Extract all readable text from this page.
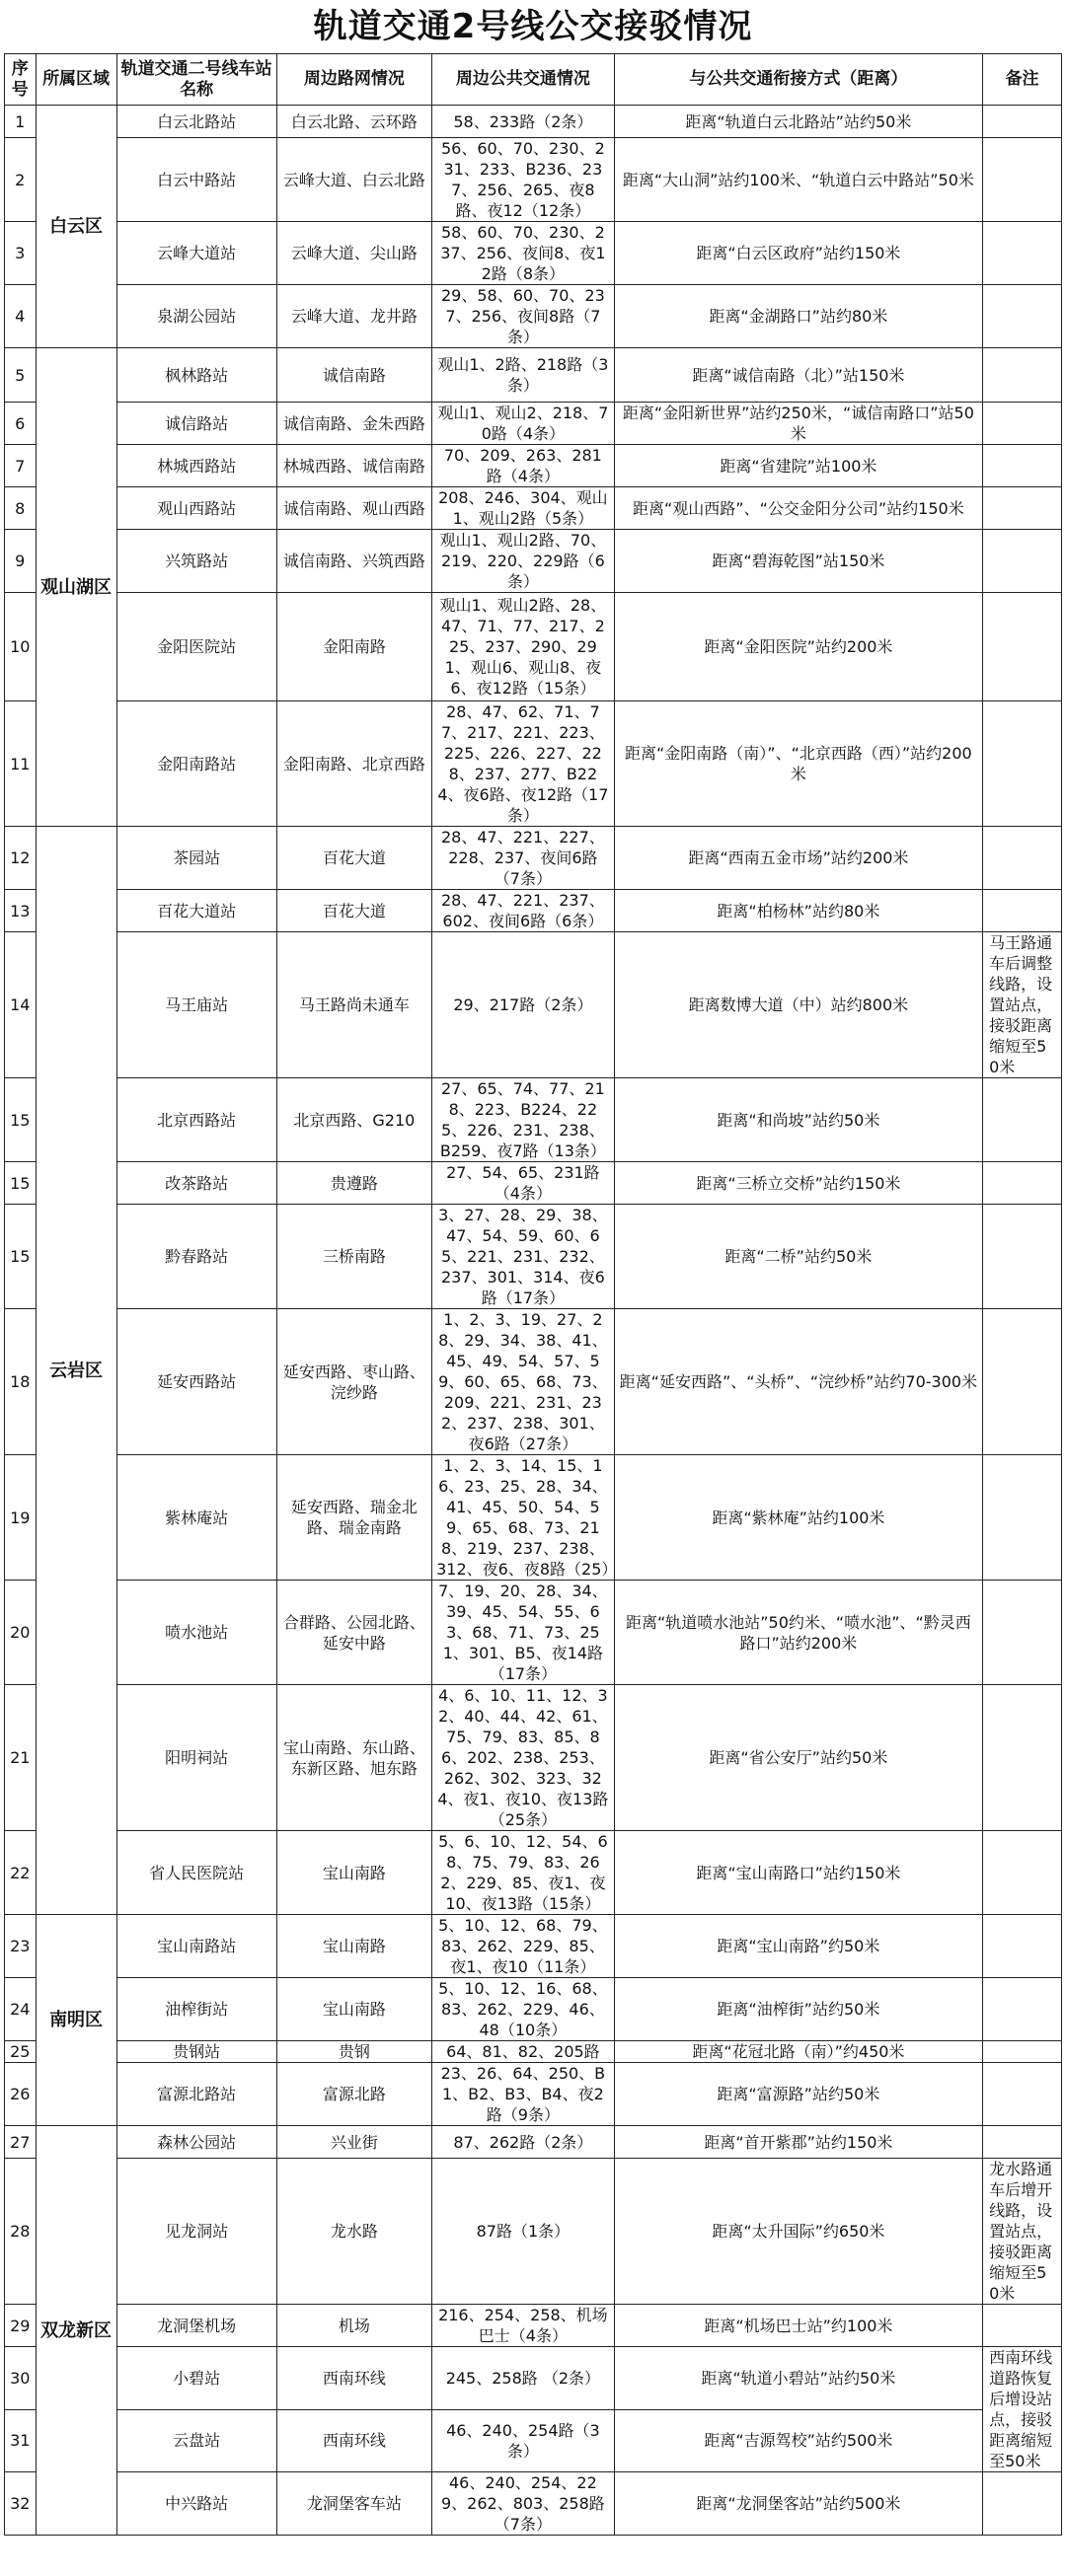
轨道交通2号线公交接驳情况
序号	所属区域	轨道交通二号线车站名称	周边路网情况	周边公共交通情况	与公共交通衔接方式（距离）	备注
1	白云区	白云北路站	白云北路、云环路	58、233路（2条）	距离“轨道白云北路站”站约50米	
2		白云中路站	云峰大道、白云北路	56、60、70、230、231、233、B236、237、256、265、夜8路、夜12（12条）	距离“大山洞”站约100米、“轨道白云中路站”50米	
3		云峰大道站	云峰大道、尖山路	58、60、70、230、237、256、夜间8、夜12路（8条）	距离“白云区政府”站约150米	
4		泉湖公园站	云峰大道、龙井路	29、58、60、70、237、256、夜间8路（7条）	距离“金湖路口”站约80米	
5	观山湖区	枫林路站	诚信南路	观山1、2路、218路（3条）	距离“诚信南路（北）”站150米	
6		诚信路站	诚信南路、金朱西路	观山1、观山2、218、70路（4条）	距离“金阳新世界”站约250米，“诚信南路口”站50米	
7		林城西路站	林城西路、诚信南路	70、209、263、281路（4条）	距离“省建院”站100米	
8		观山西路站	诚信南路、观山西路	208、246、304、观山1、观山2路（5条）	距离“观山西路”、“公交金阳分公司”站约150米	
9		兴筑路站	诚信南路、兴筑西路	观山1、观山2路、70、219、220、229路（6条）	距离“碧海乾图”站150米	
10		金阳医院站	金阳南路	观山1、观山2路、28、47、71、77、217、225、237、290、291、观山6、观山8、夜6、夜12路（15条）	距离“金阳医院”站约200米	
11		金阳南路站	金阳南路、北京西路	28、47、62、71、77、217、221、223、225、226、227、228、237、277、B224、夜6路、夜12路（17条）	距离“金阳南路（南）”、“北京西路（西）”站约200米	
12	云岩区	茶园站	百花大道	28、47、221、227、228、237、夜间6路（7条）	距离“西南五金市场”站约200米	
13		百花大道站	百花大道	28、47、221、237、602、夜间6路（6条）	距离“柏杨林”站约80米	
14		马王庙站	马王路尚未通车	29、217路（2条）	距离数博大道（中）站约800米	马王路通车后调整线路，设置站点，接驳距离缩短至50米
15		北京西路站	北京西路、G210	27、65、74、77、218、223、B224、225、226、231、238、B259、夜7路（13条）	距离“和尚坡”站约50米	
15		改茶路站	贵遵路	27、54、65、231路（4条）	距离“三桥立交桥”站约150米	
15		黔春路站	三桥南路	3、27、28、29、38、47、54、59、60、65、221、231、232、237、301、314、夜6路（17条）	距离“二桥”站约50米	
18		延安西路站	延安西路、枣山路、浣纱路	1、2、3、19、27、28、29、34、38、41、45、49、54、57、59、60、65、68、73、209、221、231、232、237、238、301、夜6路（27条）	距离“延安西路”、“头桥”、“浣纱桥”站约70-300米	
19		紫林庵站	延安西路、瑞金北路、瑞金南路	1、2、3、14、15、16、23、25、28、34、41、45、50、54、59、65、68、73、218、219、237、238、312、夜6、夜8路（25）	距离“紫林庵”站约100米	
20		喷水池站	合群路、公园北路、延安中路	7、19、20、28、34、39、45、54、55、63、68、71、73、251、301、B5、夜14路（17条）	距离“轨道喷水池站”50约米、“喷水池”、“黔灵西路口”站约200米	
21		阳明祠站	宝山南路、东山路、东新区路、旭东路	4、6、10、11、12、32、40、44、42、61、75、79、83、85、86、202、238、253、262、302、323、324、夜1、夜10、夜13路（25条）	距离“省公安厅”站约50米	
22		省人民医院站	宝山南路	5、6、10、12、54、68、75、79、83、262、229、85、夜1、夜10、夜13路（15条）	距离“宝山南路口”站约150米	
23	南明区	宝山南路站	宝山南路	5、10、12、68、79、83、262、229、85、夜1、夜10（11条）	距离“宝山南路”约50米	
24		油榨街站	宝山南路	5、10、12、16、68、83、262、229、46、48（10条）	距离“油榨街”站约50米	
25		贵钢站	贵钢	64、81、82、205路	距离“花冠北路（南）”约450米	
26		富源北路站	富源北路	23、26、64、250、B1、B2、B3、B4、夜2路（9条）	距离“富源路”站约50米	
27	双龙新区	森林公园站	兴业街	87、262路（2条）	距离“首开紫郡”站约150米	
28		见龙洞站	龙水路	87路（1条）	距离“太升国际”约650米	龙水路通车后增开线路，设置站点，接驳距离缩短至50米
29		龙洞堡机场	机场	216、254、258、机场巴士（4条）	距离“机场巴士站”约100米	
30		小碧站	西南环线	245、258路 （2条）	距离“轨道小碧站”站约50米	西南环线道路恢复后增设站点，接驳距离缩短至50米
31		云盘站	西南环线	46、240、254路（3条）	距离“吉源驾校”站约500米	
32		中兴路站	龙洞堡客车站	46、240、254、229、262、803、258路（7条）	距离“龙洞堡客站”站约500米	
